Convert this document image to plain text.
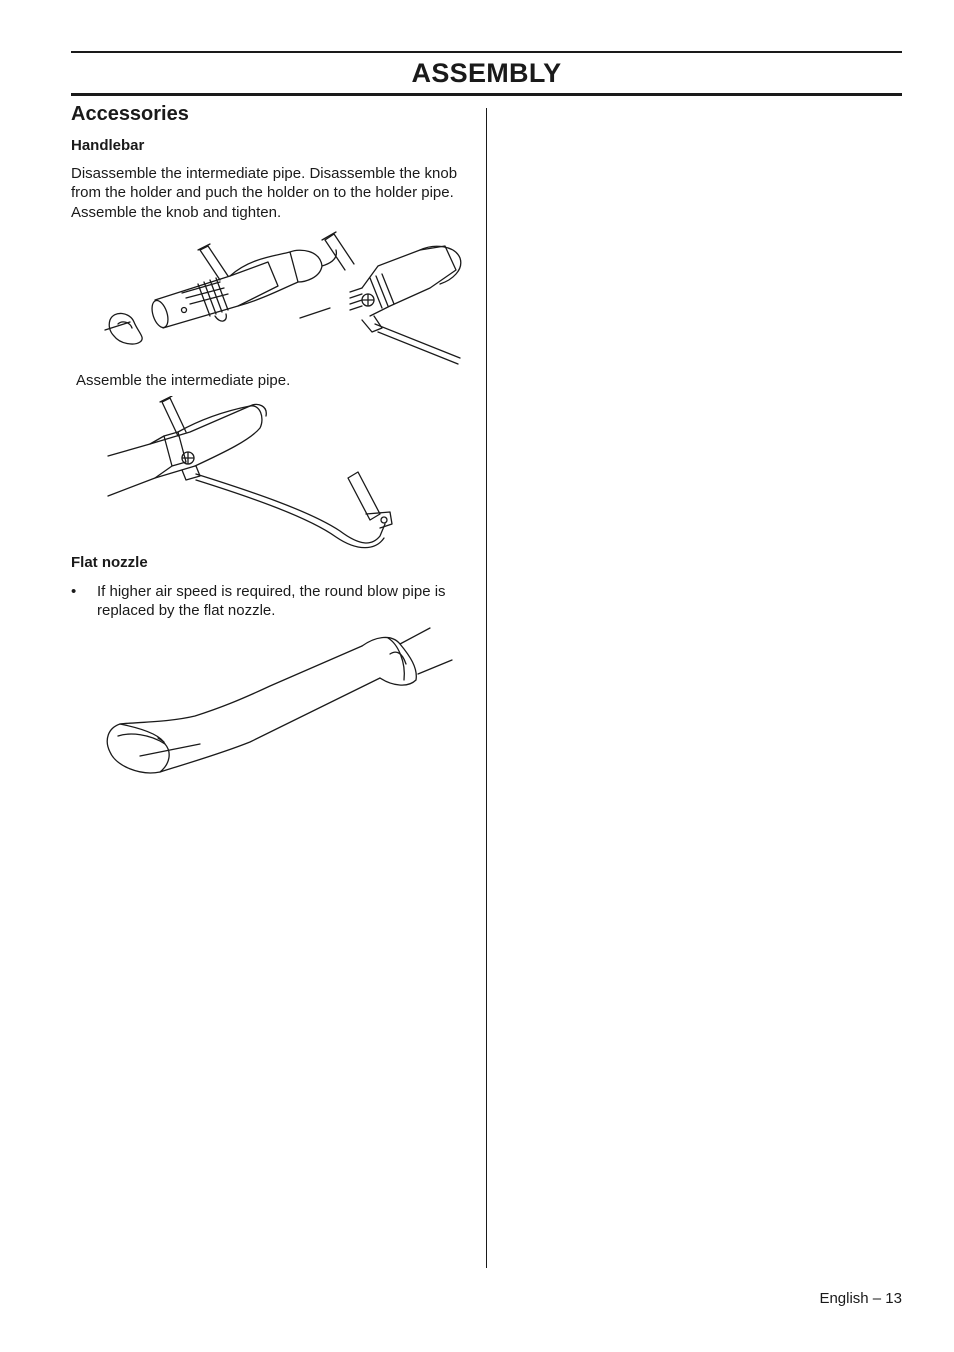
ASSEMBLY
Accessories
Handlebar

Disassemble the intermediate pipe. Disassemble the knob from the holder and puch the holder on to the holder pipe. Assemble the knob and tighten.

Assemble the intermediate pipe.

Flat nozzle
• If higher air speed is required, the round blow pipe is replaced by the flat nozzle.

English – 13
